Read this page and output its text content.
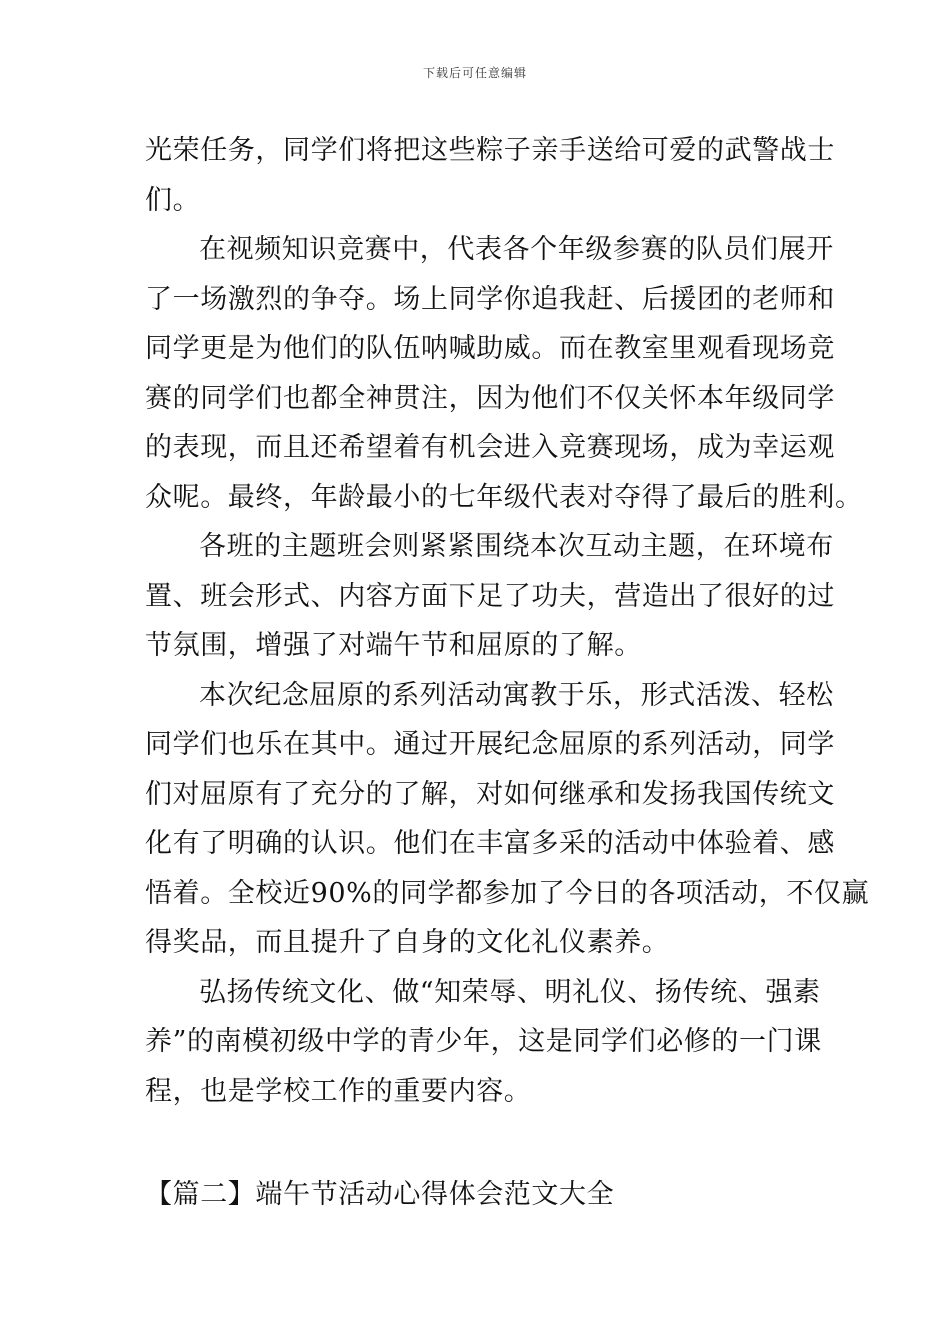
下载后可任意编辑
光荣任务，同学们将把这些粽子亲手送给可爱的武警战士
们。
在视频知识竞赛中，代表各个年级参赛的队员们展开
了一场激烈的争夺。场上同学你追我赶、后援团的老师和
同学更是为他们的队伍呐喊助威。而在教室里观看现场竞
赛的同学们也都全神贯注，因为他们不仅关怀本年级同学
的表现，而且还希望着有机会进入竞赛现场，成为幸运观
众呢。最终，年龄最小的七年级代表对夺得了最后的胜利。
各班的主题班会则紧紧围绕本次互动主题，在环境布
置、班会形式、内容方面下足了功夫，营造出了很好的过
节氛围，增强了对端午节和屈原的了解。
本次纪念屈原的系列活动寓教于乐，形式活泼、轻松
同学们也乐在其中。通过开展纪念屈原的系列活动，同学
们对屈原有了充分的了解，对如何继承和发扬我国传统文
化有了明确的认识。他们在丰富多采的活动中体验着、感
悟着。全校近90%的同学都参加了今日的各项活动，不仅赢
得奖品，而且提升了自身的文化礼仪素养。
弘扬传统文化、做“知荣辱、明礼仪、扬传统、强素
养”的南模初级中学的青少年，这是同学们必修的一门课
程，也是学校工作的重要内容。
【篇二】端午节活动心得体会范文大全
